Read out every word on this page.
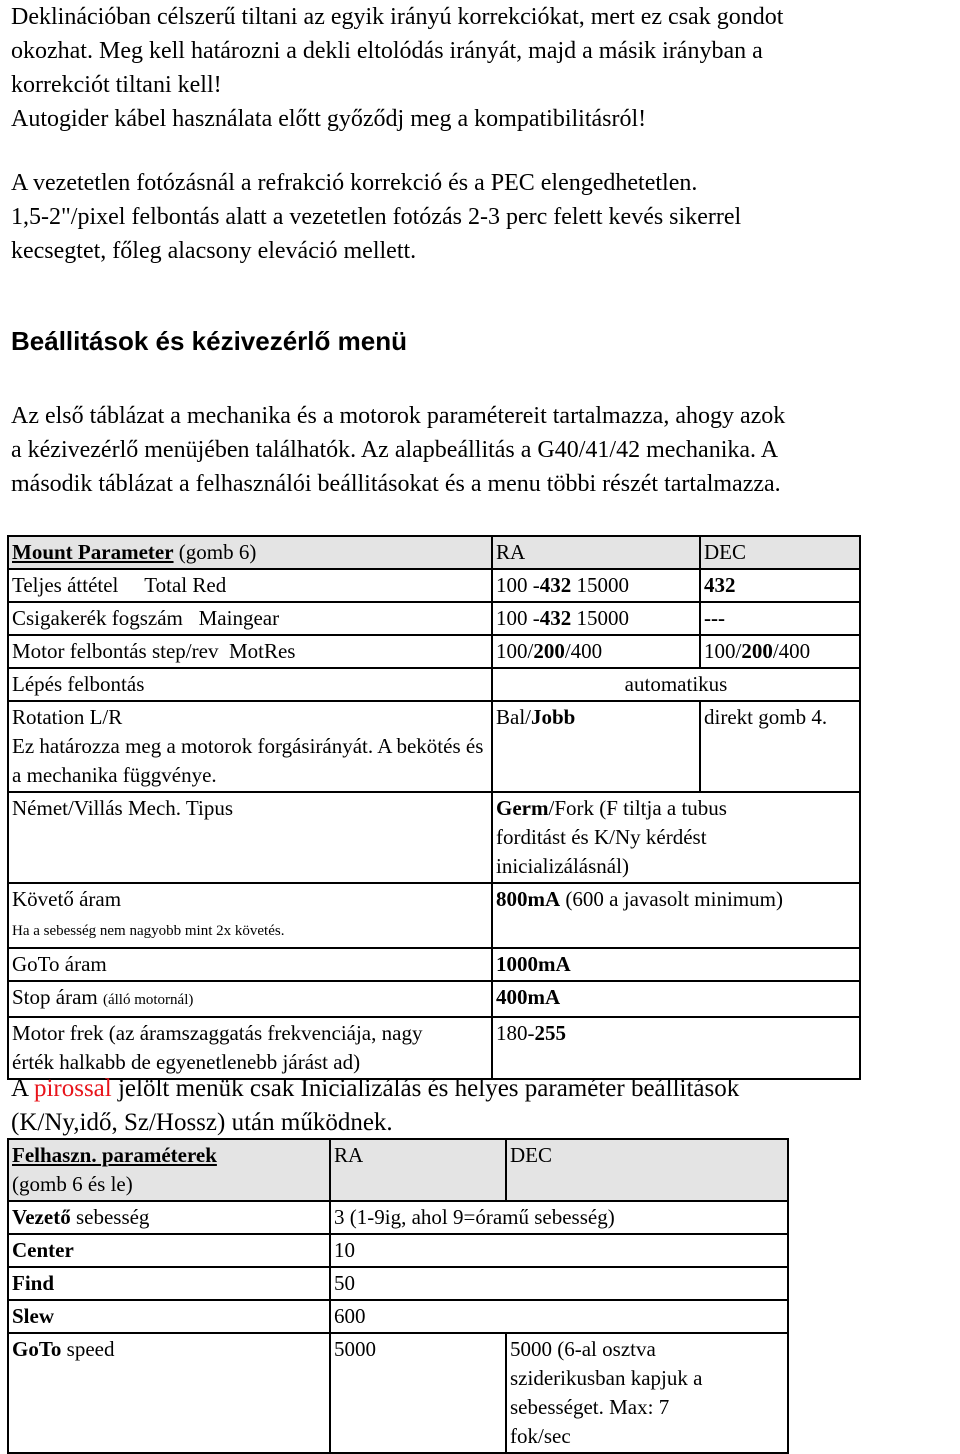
Deklinációban célszerű tiltani az egyik irányú korrekciókat, mert ez csak gondot
okozhat. Meg kell határozni a dekli eltolódás irányát, majd a másik irányban a
korrekciót tiltani kell!
Autogider kábel használata előtt győződj meg a kompatibilitásról!

A vezetetlen fotózásnál a refrakció korrekció és a PEC elengedhetetlen.
1,5-2"/pixel felbontás alatt a vezetetlen fotózás 2-3 perc felett kevés sikerrel
kecsegtet, főleg alacsony eleváció mellett.

Beállitások és kézivezérlő menü

Az első táblázat a mechanika és a motorok paramétereit tartalmazza, ahogy azok
a kézivezérlő menüjében találhatók. Az alapbeállitás a G40/41/42 mechanika. A
második táblázat a felhasználói beállitásokat és a menu többi részét tartalmazza.

Mount Parameter (gomb 6)	RA	DEC
Teljes áttétel     Total Red	100 -432 15000	432
Csigakerék fogszám   Maingear	100 -432 15000	---
Motor felbontás step/rev  MotRes	100/200/400	100/200/400
Lépés felbontás	automatikus	
Rotation L/R
Ez határozza meg a motorok forgásirányát. A bekötés és a mechanika függvénye.	Bal/Jobb	direkt gomb 4.
Német/Villás Mech. Tipus	Germ/Fork (F tiltja a tubus forditást és K/Ny kérdést inicializálásnál)	
Követő áram
Ha a sebesség nem nagyobb mint 2x követés.	800mA (600 a javasolt minimum)	
GoTo áram	1000mA	
Stop áram (álló motornál)	400mA	
Motor frek (az áramszaggatás frekvenciája, nagy érték halkabb de egyenetlenebb járást ad)	180-255	

A pirossal jelölt menük csak Inicializálás és helyes paraméter beállitások
(K/Ny,idő, Sz/Hossz) után működnek.

Felhaszn. paraméterek
(gomb 6 és le)	RA	DEC
Vezető sebesség	3 (1-9ig, ahol 9=óramű sebesség)	
Center	10	
Find	50	
Slew	600	
GoTo speed	5000	5000 (6-al osztva sziderikusban kapjuk a sebességet. Max: 7 fok/sec
